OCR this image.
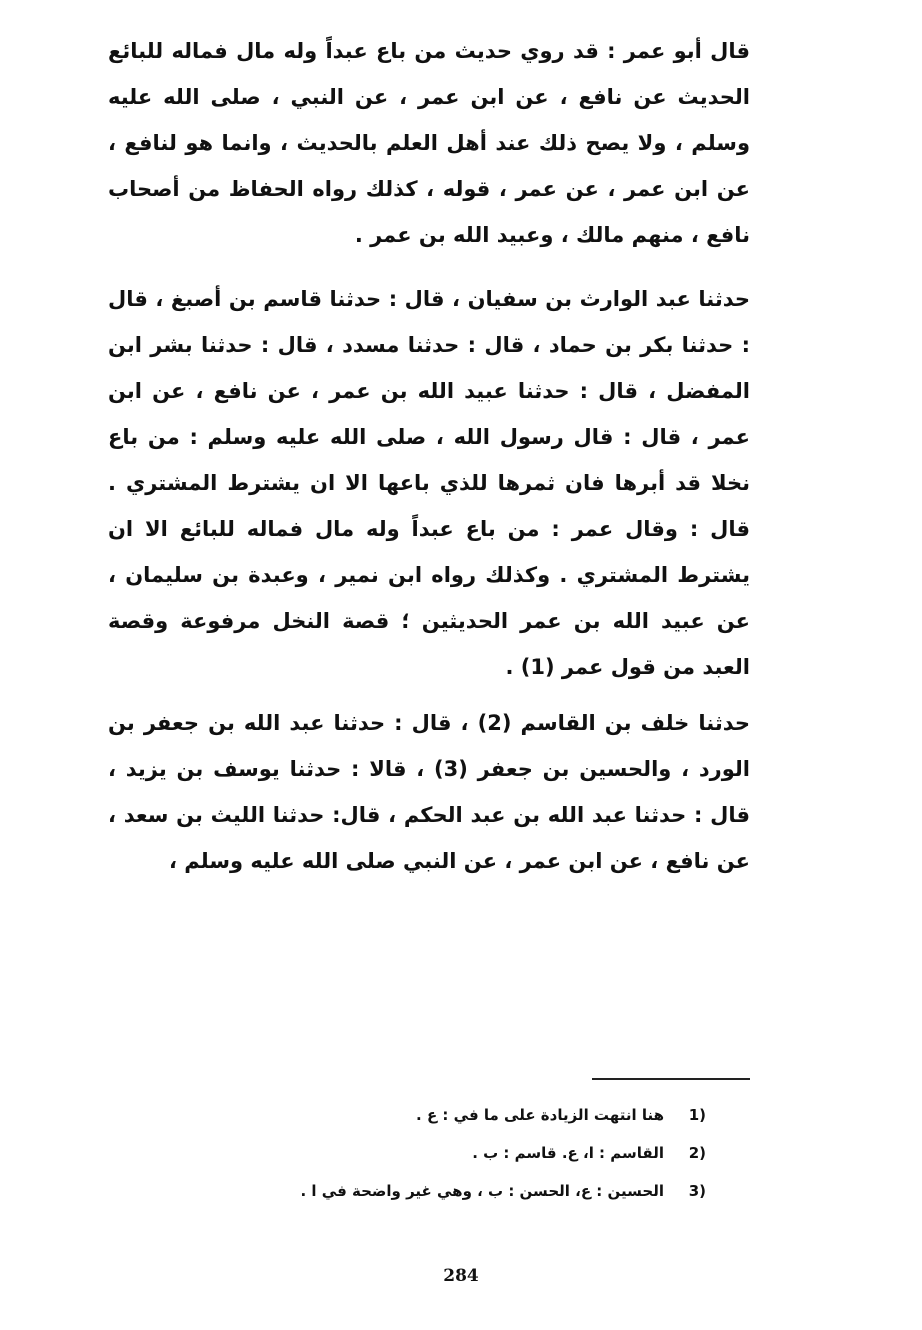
قال أبو عمر : قد روي حديث من باع عبداً وله مال فماله للبائع الحديث عن نافع ، عن ابن عمر ، عن النبي ، صلى الله عليه وسلم ، ولا يصح ذلك عند أهل العلم بالحديث ، وانما هو لنافع ، عن ابن عمر ، عن عمر ، قوله ، كذلك رواه الحفاظ من أصحاب نافع ، منهم مالك ، وعبيد الله بن عمر .

حدثنا عبد الوارث بن سفيان ، قال : حدثنا قاسم بن أصبغ ، قال : حدثنا بكر بن حماد ، قال : حدثنا مسدد ، قال : حدثنا بشر ابن المفضل ، قال : حدثنا عبيد الله بن عمر ، عن نافع ، عن ابن عمر ، قال : قال رسول الله ، صلى الله عليه وسلم : من باع نخلا قد أبرها فان ثمرها للذي باعها الا ان يشترط المشتري . قال : وقال عمر : من باع عبداً وله مال فماله للبائع الا ان يشترط المشتري . وكذلك رواه ابن نمير ، وعبدة بن سليمان ، عن عبيد الله بن عمر الحديثين ؛ قصة النخل مرفوعة وقصة العبد من قول عمر (1) .

حدثنا خلف بن القاسم (2) ، قال : حدثنا عبد الله بن جعفر بن الورد ، والحسين بن جعفر (3) ، قالا : حدثنا يوسف بن يزيد ، قال : حدثنا عبد الله بن عبد الحكم ، قال: حدثنا الليث بن سعد ، عن نافع ، عن ابن عمر ، عن النبي صلى الله عليه وسلم ،

1)
هنا انتهت الزيادة على ما في : ع .
2)
القاسم : ا، ع. قاسم : ب .
3)
الحسين : ع، الحسن : ب ، وهي غير واضحة في ا .
284
